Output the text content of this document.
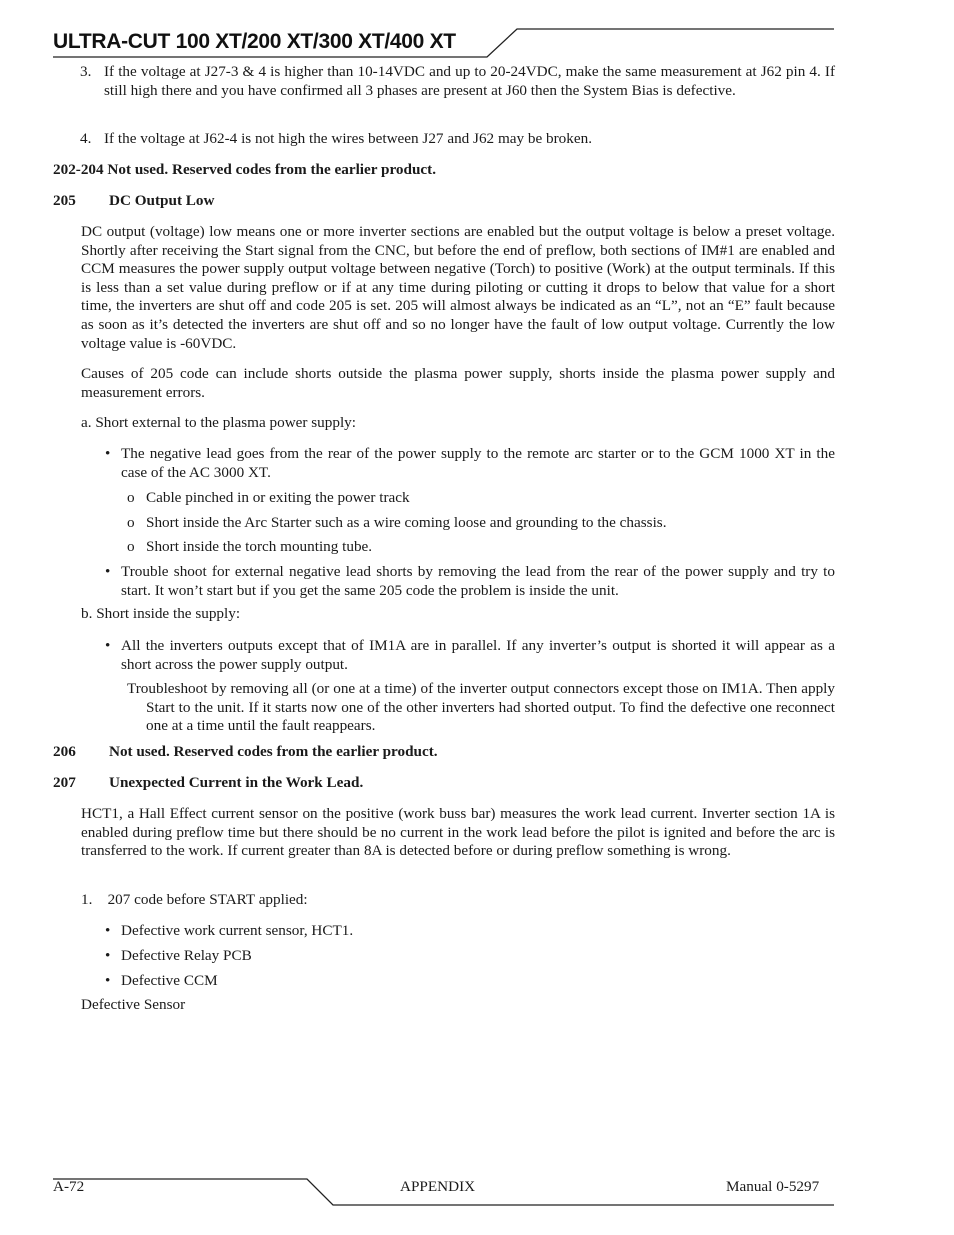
ULTRA-CUT 100 XT/200 XT/300 XT/400 XT
3. If the voltage at J27-3 & 4 is higher than 10-14VDC and up to 20-24VDC, make the same measurement at J62 pin 4. If still high there and you have confirmed all 3 phases are present at J60 then the System Bias is defective.
4. If the voltage at J62-4 is not high the wires between J27 and J62 may be broken.
202-204 Not used. Reserved codes from the earlier product.
205 DC Output Low
DC output (voltage) low means one or more inverter sections are enabled but the output voltage is below a preset voltage. Shortly after receiving the Start signal from the CNC, but before the end of preflow, both sections of IM#1 are enabled and CCM measures the power supply output voltage between negative (Torch) to positive (Work) at the output terminals. If this is less than a set value during preflow or if at any time during piloting or cutting it drops to below that value for a short time, the inverters are shut off and code 205 is set. 205 will almost always be indicated as an “L”, not an “E” fault because as soon as it’s detected the inverters are shut off and so no longer have the fault of low output voltage. Currently the low voltage value is -60VDC.
Causes of 205 code can include shorts outside the plasma power supply, shorts inside the plasma power supply and measurement errors.
a. Short external to the plasma power supply:
• The negative lead goes from the rear of the power supply to the remote arc starter or to the GCM 1000 XT in the case of the AC 3000 XT.
o Cable pinched in or exiting the power track
o Short inside the Arc Starter such as a wire coming loose and grounding to the chassis.
o Short inside the torch mounting tube.
• Trouble shoot for external negative lead shorts by removing the lead from the rear of the power supply and try to start. It won’t start but if you get the same 205 code the problem is inside the unit.
b. Short inside the supply:
• All the inverters outputs except that of IM1A are in parallel. If any inverter’s output is shorted it will appear as a short across the power supply output.
Troubleshoot by removing all (or one at a time) of the inverter output connectors except those on IM1A. Then apply Start to the unit. If it starts now one of the other inverters had shorted output. To find the defective one reconnect one at a time until the fault reappears.
206 Not used. Reserved codes from the earlier product.
207 Unexpected Current in the Work Lead.
HCT1, a Hall Effect current sensor on the positive (work buss bar) measures the work lead current. Inverter section 1A is enabled during preflow time but there should be no current in the work lead before the pilot is ignited and before the arc is transferred to the work. If current greater than 8A is detected before or during preflow something is wrong.
1.    207 code before START applied:
• Defective work current sensor, HCT1.
• Defective Relay PCB
• Defective CCM
Defective Sensor
A-72	APPENDIX	Manual 0-5297
